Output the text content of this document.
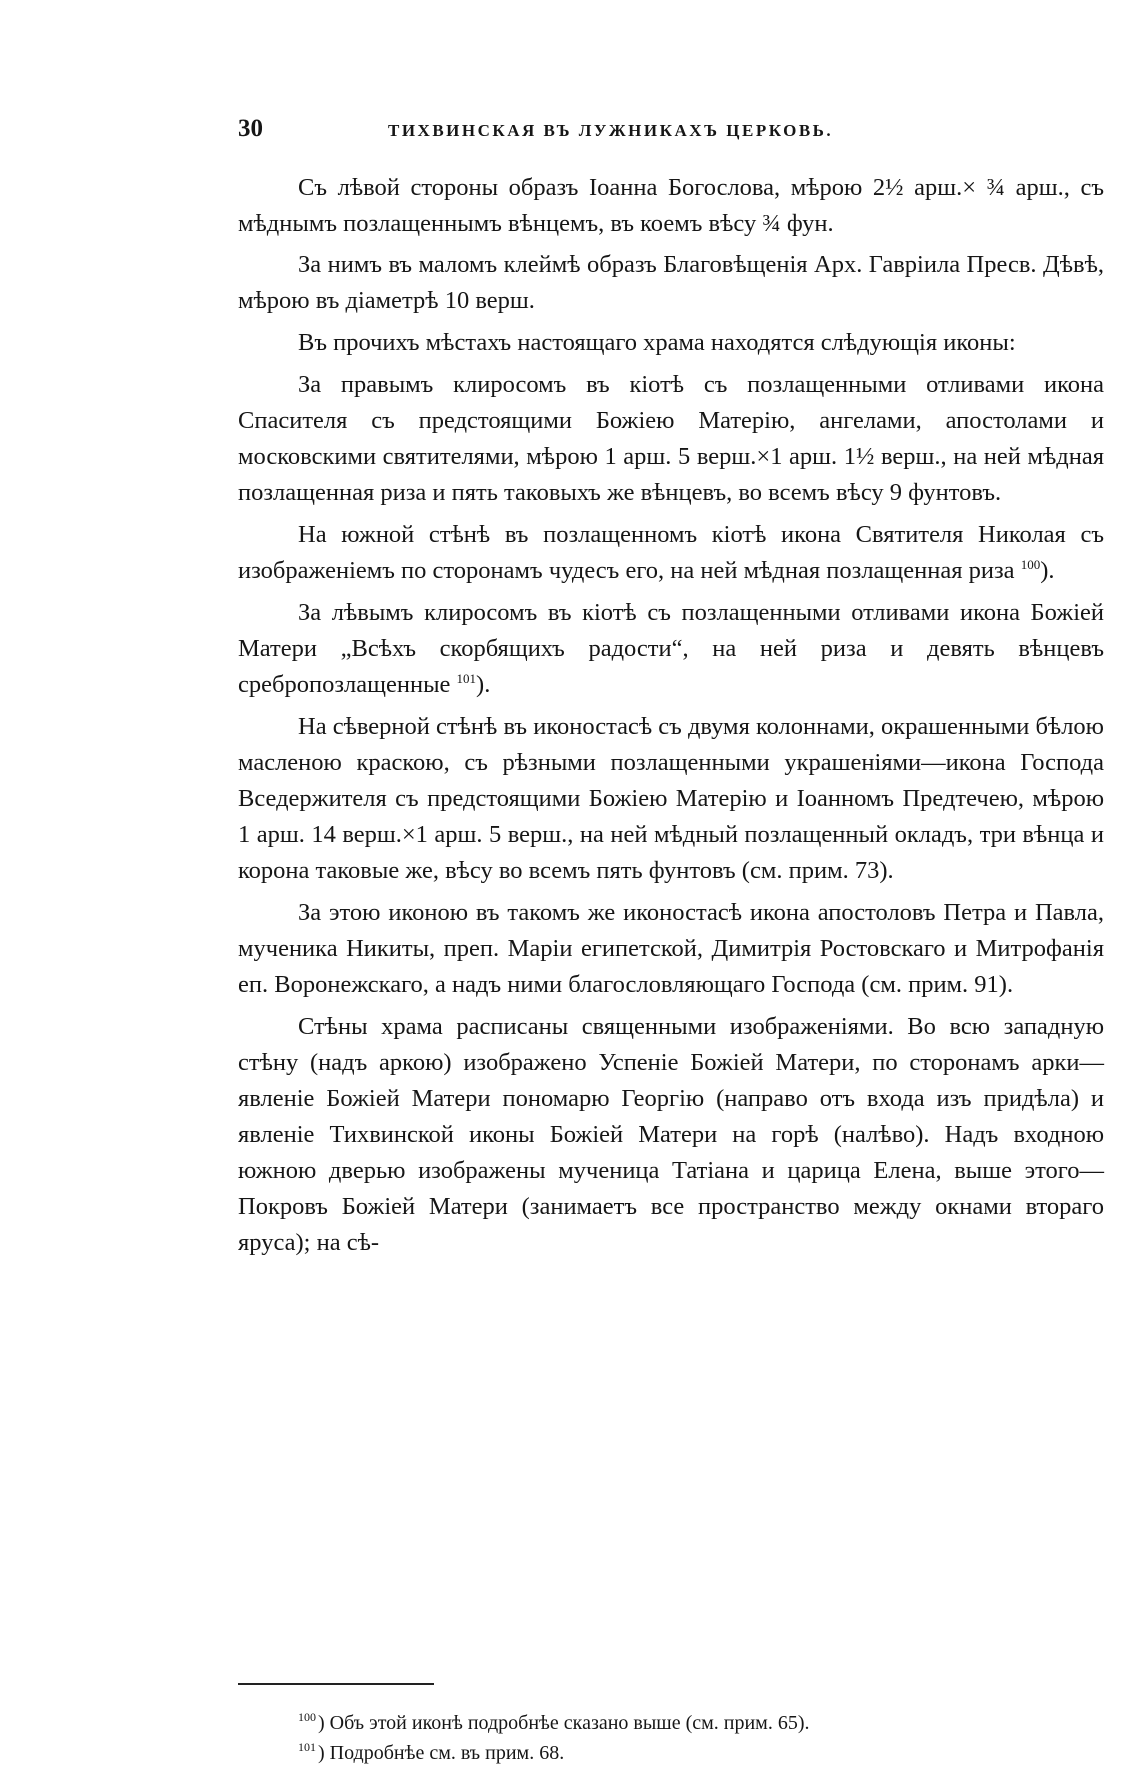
30	ТИХВИНСКАЯ ВЪ ЛУЖНИКАХЪ ЦЕРКОВЬ.

Съ лѣвой стороны образъ Іоанна Богослова, мѣрою 2½ арш.× ¾ арш., съ мѣднымъ позлащеннымъ вѣнцемъ, въ коемъ вѣсу ¾ фун.

За нимъ въ маломъ клеймѣ образъ Благовѣщенія Арх. Гавріила Пресв. Дѣвѣ, мѣрою въ діаметрѣ 10 верш.

Въ прочихъ мѣстахъ настоящаго храма находятся слѣдующія иконы:

За правымъ клиросомъ въ кіотѣ съ позлащенными отливами икона Спасителя съ предстоящими Божіею Матерію, ангелами, апостолами и московскими святителями, мѣрою 1 арш. 5 верш.×1 арш. 1½ верш., на ней мѣдная позлащенная риза и пять таковыхъ же вѣнцевъ, во всемъ вѣсу 9 фунтовъ.

На южной стѣнѣ въ позлащенномъ кіотѣ икона Святителя Николая съ изображеніемъ по сторонамъ чудесъ его, на ней мѣдная позлащенная риза $^{100}$).

За лѣвымъ клиросомъ въ кіотѣ съ позлащенными отливами икона Божіей Матери „Всѣхъ скорбящихъ радости“, на ней риза и девять вѣнцевъ сребропозлащенные $^{101}$).

На сѣверной стѣнѣ въ иконостасѣ съ двумя колоннами, окрашенными бѣлою масленою краскою, съ рѣзными позлащенными украшеніями—икона Господа Вседержителя съ предстоящими Божіею Матерію и Іоанномъ Предтечею, мѣрою 1 арш. 14 верш.×1 арш. 5 верш., на ней мѣдный позлащенный окладъ, три вѣнца и корона таковые же, вѣсу во всемъ пять фунтовъ (см. прим. 73).

За этою иконою въ такомъ же иконостасѣ икона апостоловъ Петра и Павла, мученика Никиты, преп. Маріи египетской, Димитрія Ростовскаго и Митрофанія еп. Воронежскаго, а надъ ними благословляющаго Господа (см. прим. 91).

Стѣны храма расписаны священными изображеніями. Во всю западную стѣну (надъ аркою) изображено Успеніе Божіей Матери, по сторонамъ арки—явленіе Божіей Матери пономарю Георгію (направо отъ входа изъ придѣла) и явленіе Тихвинской иконы Божіей Матери на горѣ (налѣво). Надъ входною южною дверью изображены мученица Татіана и царица Елена, выше этого—Покровъ Божіей Матери (занимаетъ все пространство между окнами втораго яруса); на сѣ-

$^{100}$ ) Объ этой иконѣ подробнѣе сказано выше (см. прим. 65).
$^{101}$ ) Подробнѣе см. въ прим. 68.
